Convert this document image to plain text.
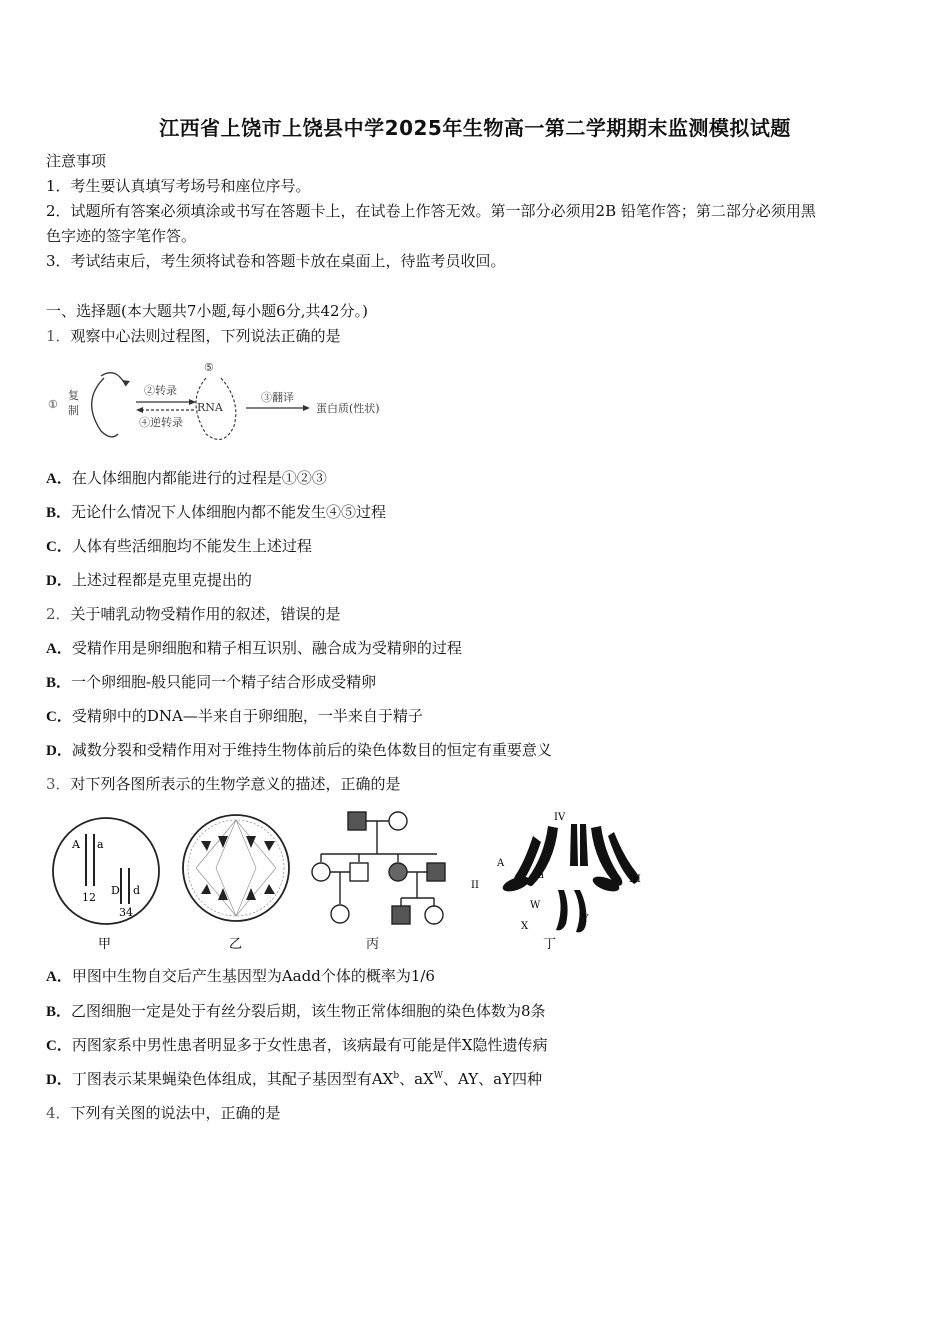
江西省上饶市上饶县中学2025年生物高一第二学期期末监测模拟试题
注意事项
1．考生要认真填写考场号和座位序号。
2．试题所有答案必须填涂或书写在答题卡上，在试卷上作答无效。第一部分必须用2B 铅笔作答；第二部分必须用黑
色字迹的签字笔作答。
3．考试结束后，考生须将试卷和答题卡放在桌面上，待监考员收回。
一、选择题(本大题共7小题,每小题6分,共42分。)
1．观察中心法则过程图，下列说法正确的是
①
复
制
②转录
④逆转录
⑤
RNA
③翻译
蛋白质(性状)
A．在人体细胞内都能进行的过程是①②③
B．无论什么情况下人体细胞内都不能发生④⑤过程
C．人体有些活细胞均不能发生上述过程
D．上述过程都是克里克提出的
2．关于哺乳动物受精作用的叙述，错误的是
A．受精作用是卵细胞和精子相互识别、融合成为受精卵的过程
B．一个卵细胞-般只能同一个精子结合形成受精卵
C．受精卵中的DNA—半来自于卵细胞，一半来自于精子
D．减数分裂和受精作用对于维持生物体前后的染色体数目的恒定有重要意义
3．对下列各图所表示的生物学意义的描述，正确的是
A a
12
D d
34
甲	乙	丙
IV
II
III
A
a
W
X
Y
丁
A．甲图中生物自交后产生基因型为Aadd个体的概率为1/6
B．乙图细胞一定是处于有丝分裂后期，该生物正常体细胞的染色体数为8条
C．丙图家系中男性患者明显多于女性患者，该病最有可能是伴X隐性遗传病
D．丁图表示某果蝇染色体组成，其配子基因型有$AX^b$、$aX^W$、AY、aY四种
4．下列有关图的说法中，正确的是
